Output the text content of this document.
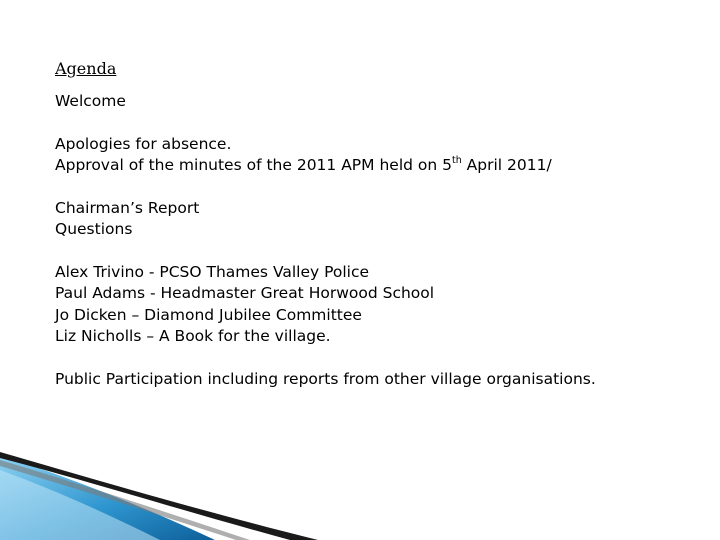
Agenda
Welcome
Apologies for absence.
Approval of the minutes of the 2011 APM held on 5th April 2011/
Chairman’s Report
Questions
Alex Trivino - PCSO Thames Valley Police
Paul Adams - Headmaster Great Horwood School
Jo Dicken – Diamond Jubilee Committee
Liz Nicholls – A Book for the village.
Public Participation including reports from other village organisations.
